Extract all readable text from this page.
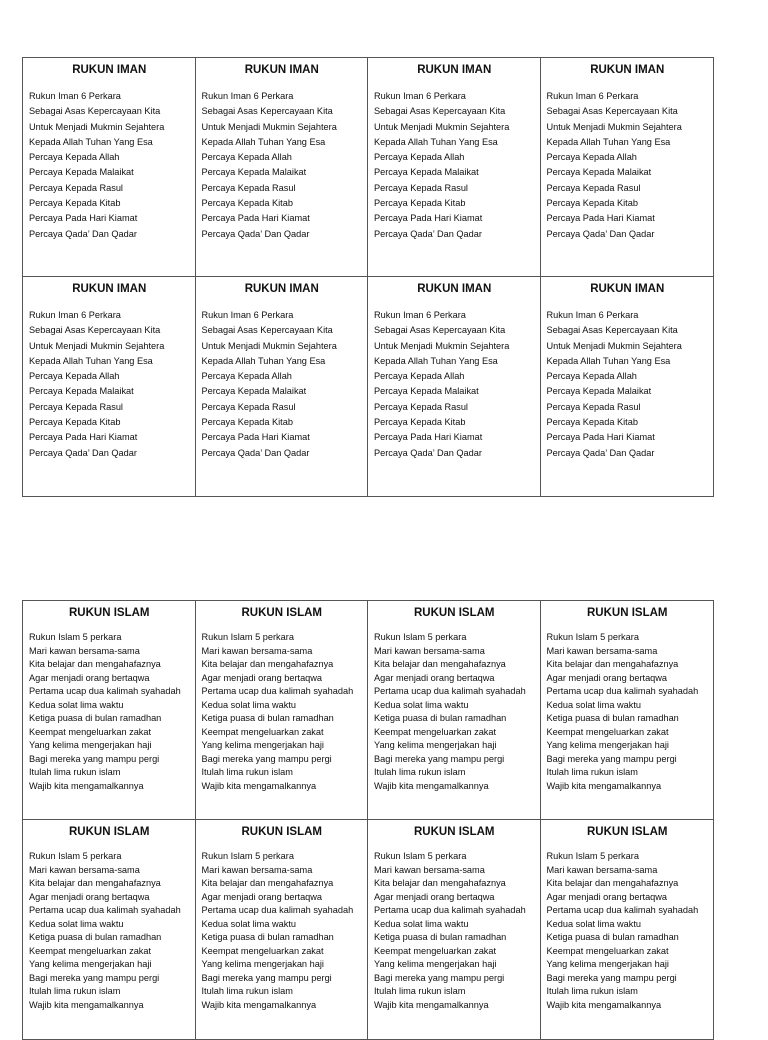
RUKUN IMAN
Rukun Iman 6 Perkara
Sebagai Asas Kepercayaan Kita
Untuk Menjadi Mukmin Sejahtera
Kepada Allah Tuhan Yang Esa
Percaya Kepada Allah
Percaya Kepada Malaikat
Percaya Kepada Rasul
Percaya Kepada Kitab
Percaya Pada Hari Kiamat
Percaya Qada’ Dan Qadar
RUKUN IMAN
Rukun Iman 6 Perkara
Sebagai Asas Kepercayaan Kita
Untuk Menjadi Mukmin Sejahtera
Kepada Allah Tuhan Yang Esa
Percaya Kepada Allah
Percaya Kepada Malaikat
Percaya Kepada Rasul
Percaya Kepada Kitab
Percaya Pada Hari Kiamat
Percaya Qada’ Dan Qadar
RUKUN IMAN
Rukun Iman 6 Perkara
Sebagai Asas Kepercayaan Kita
Untuk Menjadi Mukmin Sejahtera
Kepada Allah Tuhan Yang Esa
Percaya Kepada Allah
Percaya Kepada Malaikat
Percaya Kepada Rasul
Percaya Kepada Kitab
Percaya Pada Hari Kiamat
Percaya Qada’ Dan Qadar
RUKUN IMAN
Rukun Iman 6 Perkara
Sebagai Asas Kepercayaan Kita
Untuk Menjadi Mukmin Sejahtera
Kepada Allah Tuhan Yang Esa
Percaya Kepada Allah
Percaya Kepada Malaikat
Percaya Kepada Rasul
Percaya Kepada Kitab
Percaya Pada Hari Kiamat
Percaya Qada’ Dan Qadar
RUKUN IMAN
Rukun Iman 6 Perkara
Sebagai Asas Kepercayaan Kita
Untuk Menjadi Mukmin Sejahtera
Kepada Allah Tuhan Yang Esa
Percaya Kepada Allah
Percaya Kepada Malaikat
Percaya Kepada Rasul
Percaya Kepada Kitab
Percaya Pada Hari Kiamat
Percaya Qada’ Dan Qadar
RUKUN IMAN
Rukun Iman 6 Perkara
Sebagai Asas Kepercayaan Kita
Untuk Menjadi Mukmin Sejahtera
Kepada Allah Tuhan Yang Esa
Percaya Kepada Allah
Percaya Kepada Malaikat
Percaya Kepada Rasul
Percaya Kepada Kitab
Percaya Pada Hari Kiamat
Percaya Qada’ Dan Qadar
RUKUN IMAN
Rukun Iman 6 Perkara
Sebagai Asas Kepercayaan Kita
Untuk Menjadi Mukmin Sejahtera
Kepada Allah Tuhan Yang Esa
Percaya Kepada Allah
Percaya Kepada Malaikat
Percaya Kepada Rasul
Percaya Kepada Kitab
Percaya Pada Hari Kiamat
Percaya Qada’ Dan Qadar
RUKUN IMAN
Rukun Iman 6 Perkara
Sebagai Asas Kepercayaan Kita
Untuk Menjadi Mukmin Sejahtera
Kepada Allah Tuhan Yang Esa
Percaya Kepada Allah
Percaya Kepada Malaikat
Percaya Kepada Rasul
Percaya Kepada Kitab
Percaya Pada Hari Kiamat
Percaya Qada’ Dan Qadar
RUKUN ISLAM
Rukun Islam 5 perkara
Mari kawan bersama-sama
Kita belajar dan mengahafaznya
Agar menjadi orang bertaqwa
Pertama ucap dua kalimah syahadah
Kedua solat lima waktu
Ketiga puasa di bulan ramadhan
Keempat mengeluarkan zakat
Yang kelima mengerjakan haji
Bagi mereka yang mampu pergi
Itulah lima rukun islam
Wajib kita mengamalkannya
RUKUN ISLAM
Rukun Islam 5 perkara
Mari kawan bersama-sama
Kita belajar dan mengahafaznya
Agar menjadi orang bertaqwa
Pertama ucap dua kalimah syahadah
Kedua solat lima waktu
Ketiga puasa di bulan ramadhan
Keempat mengeluarkan zakat
Yang kelima mengerjakan haji
Bagi mereka yang mampu pergi
Itulah lima rukun islam
Wajib kita mengamalkannya
RUKUN ISLAM
Rukun Islam 5 perkara
Mari kawan bersama-sama
Kita belajar dan mengahafaznya
Agar menjadi orang bertaqwa
Pertama ucap dua kalimah syahadah
Kedua solat lima waktu
Ketiga puasa di bulan ramadhan
Keempat mengeluarkan zakat
Yang kelima mengerjakan haji
Bagi mereka yang mampu pergi
Itulah lima rukun islam
Wajib kita mengamalkannya
RUKUN ISLAM
Rukun Islam 5 perkara
Mari kawan bersama-sama
Kita belajar dan mengahafaznya
Agar menjadi orang bertaqwa
Pertama ucap dua kalimah syahadah
Kedua solat lima waktu
Ketiga puasa di bulan ramadhan
Keempat mengeluarkan zakat
Yang kelima mengerjakan haji
Bagi mereka yang mampu pergi
Itulah lima rukun islam
Wajib kita mengamalkannya
RUKUN ISLAM
Rukun Islam 5 perkara
Mari kawan bersama-sama
Kita belajar dan mengahafaznya
Agar menjadi orang bertaqwa
Pertama ucap dua kalimah syahadah
Kedua solat lima waktu
Ketiga puasa di bulan ramadhan
Keempat mengeluarkan zakat
Yang kelima mengerjakan haji
Bagi mereka yang mampu pergi
Itulah lima rukun islam
Wajib kita mengamalkannya
RUKUN ISLAM
Rukun Islam 5 perkara
Mari kawan bersama-sama
Kita belajar dan mengahafaznya
Agar menjadi orang bertaqwa
Pertama ucap dua kalimah syahadah
Kedua solat lima waktu
Ketiga puasa di bulan ramadhan
Keempat mengeluarkan zakat
Yang kelima mengerjakan haji
Bagi mereka yang mampu pergi
Itulah lima rukun islam
Wajib kita mengamalkannya
RUKUN ISLAM
Rukun Islam 5 perkara
Mari kawan bersama-sama
Kita belajar dan mengahafaznya
Agar menjadi orang bertaqwa
Pertama ucap dua kalimah syahadah
Kedua solat lima waktu
Ketiga puasa di bulan ramadhan
Keempat mengeluarkan zakat
Yang kelima mengerjakan haji
Bagi mereka yang mampu pergi
Itulah lima rukun islam
Wajib kita mengamalkannya
RUKUN ISLAM
Rukun Islam 5 perkara
Mari kawan bersama-sama
Kita belajar dan mengahafaznya
Agar menjadi orang bertaqwa
Pertama ucap dua kalimah syahadah
Kedua solat lima waktu
Ketiga puasa di bulan ramadhan
Keempat mengeluarkan zakat
Yang kelima mengerjakan haji
Bagi mereka yang mampu pergi
Itulah lima rukun islam
Wajib kita mengamalkannya
